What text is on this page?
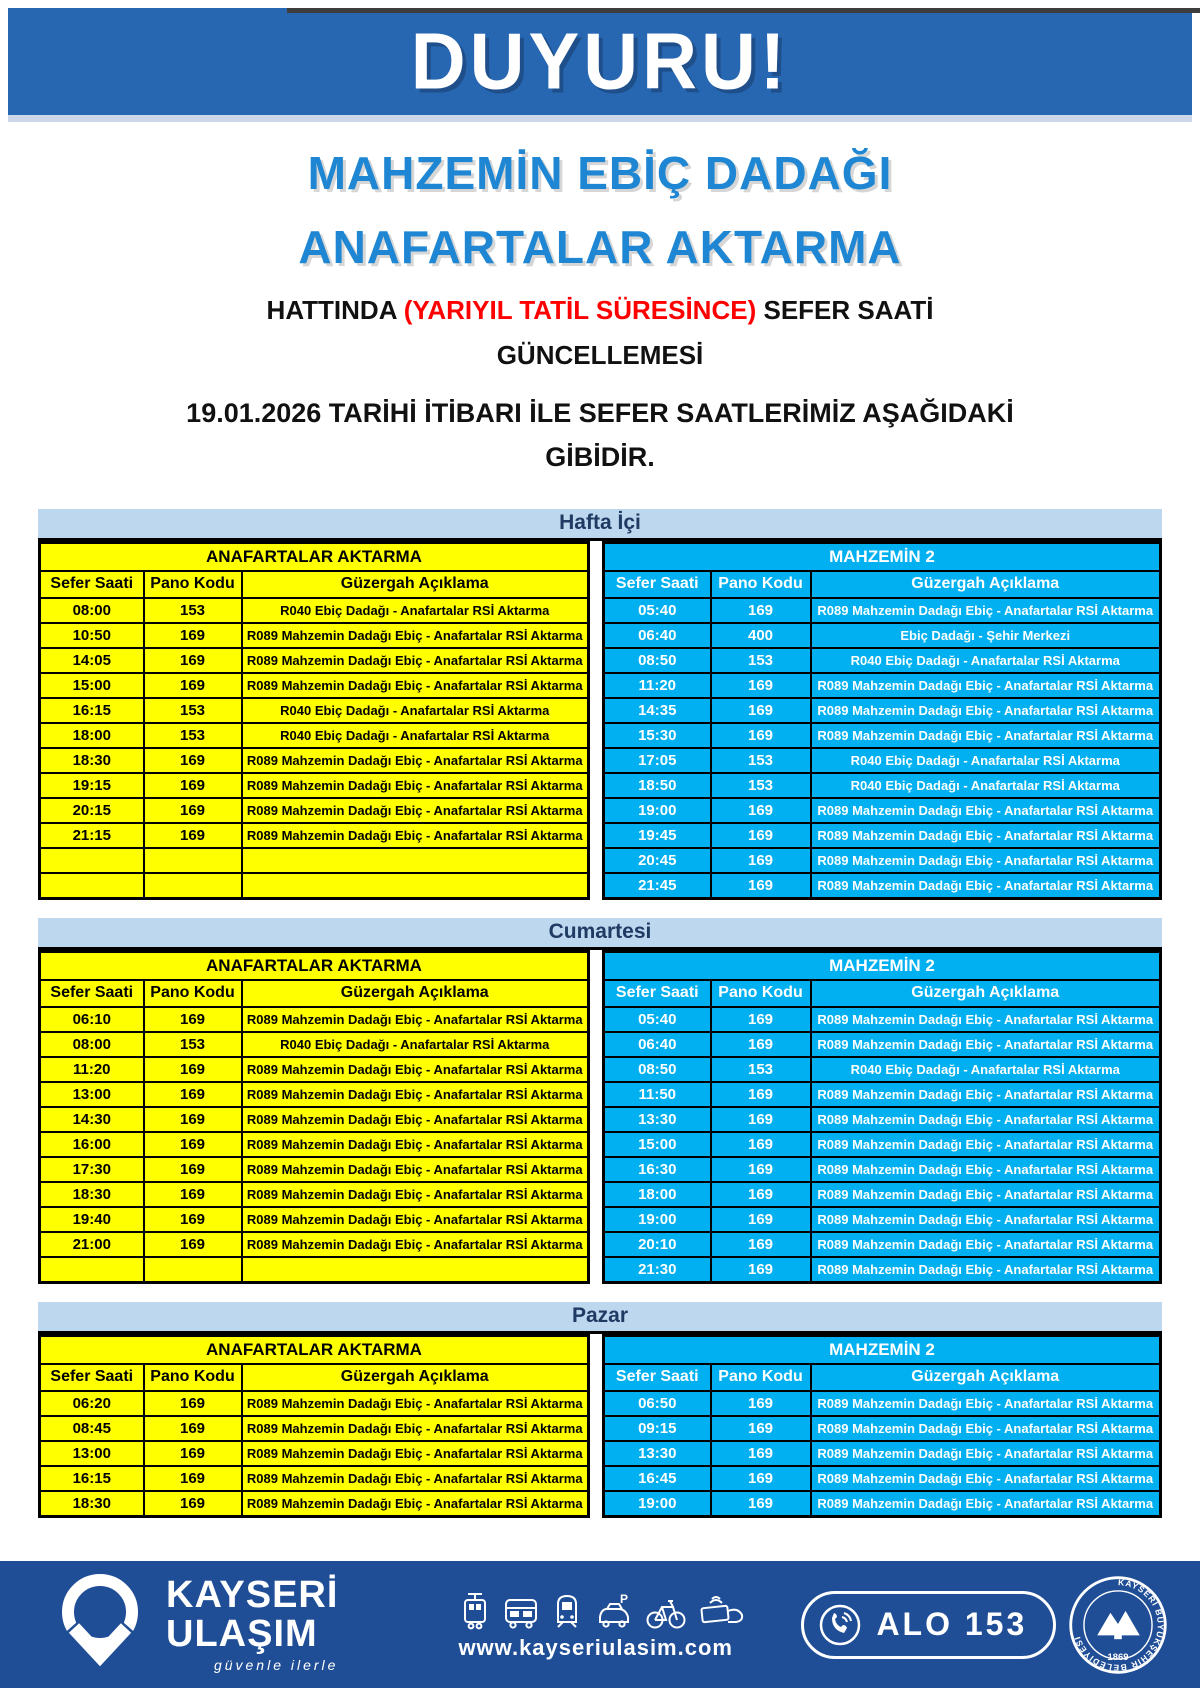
DUYURU!
MAHZEMİN EBİÇ DADAĞI
ANAFARTALAR AKTARMA
HATTINDA (YARIYIL TATİL SÜRESİNCE) SEFER SAATİ
GÜNCELLEMESİ
19.01.2026 TARİHİ İTİBARI İLE SEFER SAATLERİMİZ AŞAĞIDAKİ
GİBİDİR.
Hafta İçi
ANAFARTALAR AKTARMA		
Sefer Saati	Pano Kodu	Güzergah Açıklama
08:00	153	R040 Ebiç Dadağı - Anafartalar RSİ Aktarma
10:50	169	R089 Mahzemin Dadağı Ebiç - Anafartalar RSİ Aktarma
14:05	169	R089 Mahzemin Dadağı Ebiç - Anafartalar RSİ Aktarma
15:00	169	R089 Mahzemin Dadağı Ebiç - Anafartalar RSİ Aktarma
16:15	153	R040 Ebiç Dadağı - Anafartalar RSİ Aktarma
18:00	153	R040 Ebiç Dadağı - Anafartalar RSİ Aktarma
18:30	169	R089 Mahzemin Dadağı Ebiç - Anafartalar RSİ Aktarma
19:15	169	R089 Mahzemin Dadağı Ebiç - Anafartalar RSİ Aktarma
20:15	169	R089 Mahzemin Dadağı Ebiç - Anafartalar RSİ Aktarma
21:15	169	R089 Mahzemin Dadağı Ebiç - Anafartalar RSİ Aktarma

MAHZEMİN 2		
Sefer Saati	Pano Kodu	Güzergah Açıklama
05:40	169	R089 Mahzemin Dadağı Ebiç - Anafartalar RSİ Aktarma
06:40	400	Ebiç Dadağı - Şehir Merkezi
08:50	153	R040 Ebiç Dadağı - Anafartalar RSİ Aktarma
11:20	169	R089 Mahzemin Dadağı Ebiç - Anafartalar RSİ Aktarma
14:35	169	R089 Mahzemin Dadağı Ebiç - Anafartalar RSİ Aktarma
15:30	169	R089 Mahzemin Dadağı Ebiç - Anafartalar RSİ Aktarma
17:05	153	R040 Ebiç Dadağı - Anafartalar RSİ Aktarma
18:50	153	R040 Ebiç Dadağı - Anafartalar RSİ Aktarma
19:00	169	R089 Mahzemin Dadağı Ebiç - Anafartalar RSİ Aktarma
19:45	169	R089 Mahzemin Dadağı Ebiç - Anafartalar RSİ Aktarma
20:45	169	R089 Mahzemin Dadağı Ebiç - Anafartalar RSİ Aktarma
21:45	169	R089 Mahzemin Dadağı Ebiç - Anafartalar RSİ Aktarma
Cumartesi
ANAFARTALAR AKTARMA		
Sefer Saati	Pano Kodu	Güzergah Açıklama
06:10	169	R089 Mahzemin Dadağı Ebiç - Anafartalar RSİ Aktarma
08:00	153	R040 Ebiç Dadağı - Anafartalar RSİ Aktarma
11:20	169	R089 Mahzemin Dadağı Ebiç - Anafartalar RSİ Aktarma
13:00	169	R089 Mahzemin Dadağı Ebiç - Anafartalar RSİ Aktarma
14:30	169	R089 Mahzemin Dadağı Ebiç - Anafartalar RSİ Aktarma
16:00	169	R089 Mahzemin Dadağı Ebiç - Anafartalar RSİ Aktarma
17:30	169	R089 Mahzemin Dadağı Ebiç - Anafartalar RSİ Aktarma
18:30	169	R089 Mahzemin Dadağı Ebiç - Anafartalar RSİ Aktarma
19:40	169	R089 Mahzemin Dadağı Ebiç - Anafartalar RSİ Aktarma
21:00	169	R089 Mahzemin Dadağı Ebiç - Anafartalar RSİ Aktarma

MAHZEMİN 2		
Sefer Saati	Pano Kodu	Güzergah Açıklama
05:40	169	R089 Mahzemin Dadağı Ebiç - Anafartalar RSİ Aktarma
06:40	169	R089 Mahzemin Dadağı Ebiç - Anafartalar RSİ Aktarma
08:50	153	R040 Ebiç Dadağı - Anafartalar RSİ Aktarma
11:50	169	R089 Mahzemin Dadağı Ebiç - Anafartalar RSİ Aktarma
13:30	169	R089 Mahzemin Dadağı Ebiç - Anafartalar RSİ Aktarma
15:00	169	R089 Mahzemin Dadağı Ebiç - Anafartalar RSİ Aktarma
16:30	169	R089 Mahzemin Dadağı Ebiç - Anafartalar RSİ Aktarma
18:00	169	R089 Mahzemin Dadağı Ebiç - Anafartalar RSİ Aktarma
19:00	169	R089 Mahzemin Dadağı Ebiç - Anafartalar RSİ Aktarma
20:10	169	R089 Mahzemin Dadağı Ebiç - Anafartalar RSİ Aktarma
21:30	169	R089 Mahzemin Dadağı Ebiç - Anafartalar RSİ Aktarma
Pazar
ANAFARTALAR AKTARMA		
Sefer Saati	Pano Kodu	Güzergah Açıklama
06:20	169	R089 Mahzemin Dadağı Ebiç - Anafartalar RSİ Aktarma
08:45	169	R089 Mahzemin Dadağı Ebiç - Anafartalar RSİ Aktarma
13:00	169	R089 Mahzemin Dadağı Ebiç - Anafartalar RSİ Aktarma
16:15	169	R089 Mahzemin Dadağı Ebiç - Anafartalar RSİ Aktarma
18:30	169	R089 Mahzemin Dadağı Ebiç - Anafartalar RSİ Aktarma
MAHZEMİN 2		
Sefer Saati	Pano Kodu	Güzergah Açıklama
06:50	169	R089 Mahzemin Dadağı Ebiç - Anafartalar RSİ Aktarma
09:15	169	R089 Mahzemin Dadağı Ebiç - Anafartalar RSİ Aktarma
13:30	169	R089 Mahzemin Dadağı Ebiç - Anafartalar RSİ Aktarma
16:45	169	R089 Mahzemin Dadağı Ebiç - Anafartalar RSİ Aktarma
19:00	169	R089 Mahzemin Dadağı Ebiç - Anafartalar RSİ Aktarma
KAYSERİ
ULAŞIM
güvenle ilerle
P
www.kayseriulasim.com
ALO 153
KAYSERİ BÜYÜKŞEHİR BELEDİYESİ
1869
